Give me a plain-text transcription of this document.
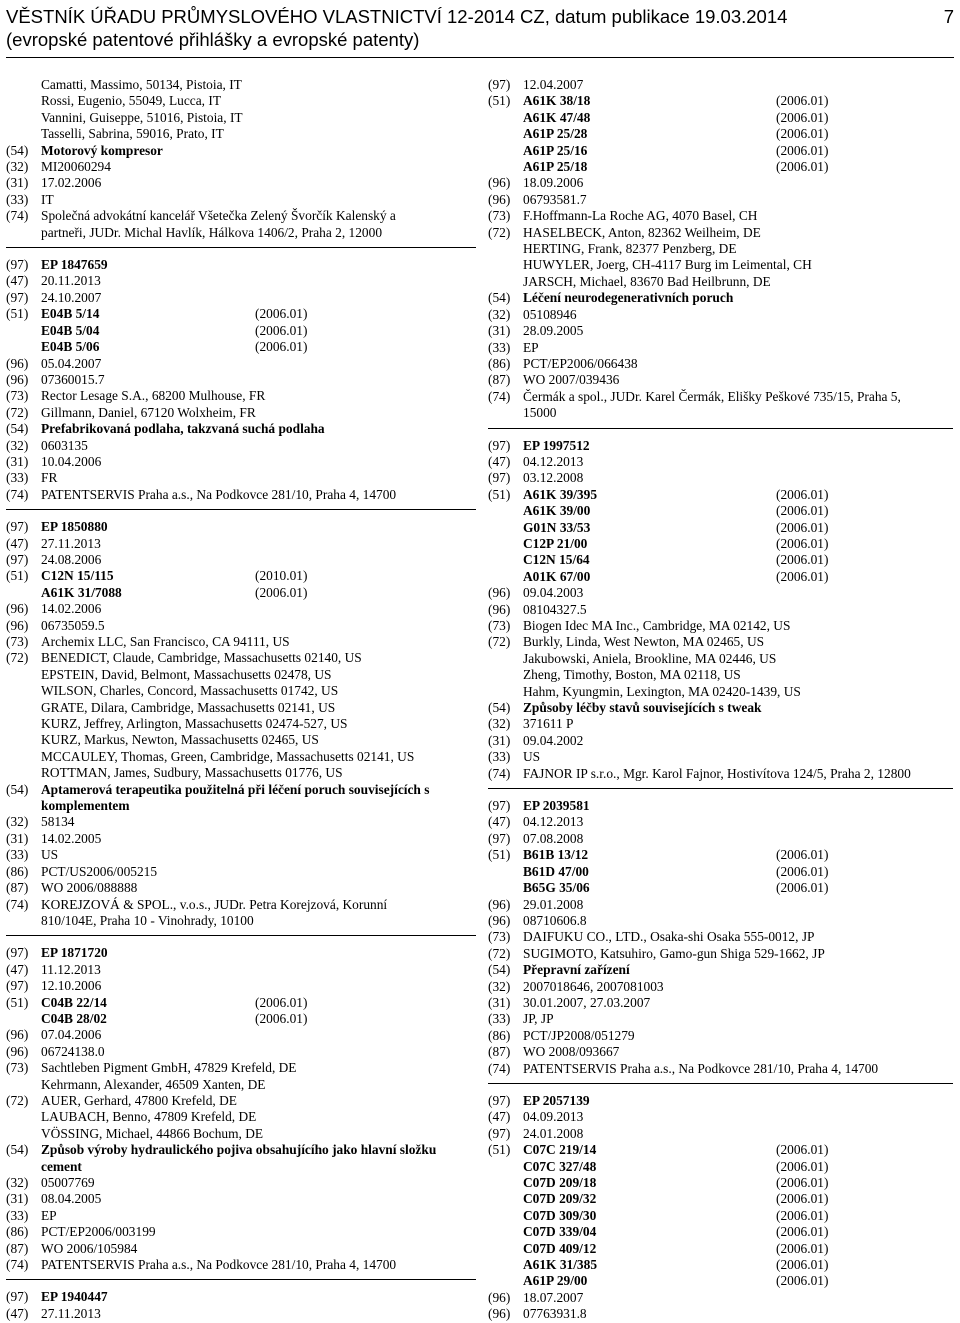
VĚSTNÍK ÚŘADU PRŮMYSLOVÉHO VLASTNICTVÍ 12-2014 CZ, datum publikace 19.03.2014	7
(evropské patentové přihlášky a evropské patenty)
Camatti, Massimo, 50134, Pistoia, IT
Rossi, Eugenio, 55049, Lucca, IT
Vannini, Guiseppe, 51016, Pistoia, IT
Tasselli, Sabrina, 59016, Prato, IT
(54) Motorový kompresor
(32) MI20060294
(31) 17.02.2006
(33) IT
(74) Společná advokátní kancelář Všetečka Zelený Švorčík Kalenský a
partneři, JUDr. Michal Havlík, Hálkova 1406/2, Praha 2, 12000
(97) EP 1847659
(47) 20.11.2013
(97) 24.10.2007
(51) E04B 5/14	(2006.01)
E04B 5/04	(2006.01)
E04B 5/06	(2006.01)
(96) 05.04.2007
(96) 07360015.7
(73) Rector Lesage S.A., 68200 Mulhouse, FR
(72) Gillmann, Daniel, 67120 Wolxheim, FR
(54) Prefabrikovaná podlaha, takzvaná suchá podlaha
(32) 0603135
(31) 10.04.2006
(33) FR
(74) PATENTSERVIS Praha a.s., Na Podkovce 281/10, Praha 4, 14700
(97) EP 1850880
(47) 27.11.2013
(97) 24.08.2006
(51) C12N 15/115	(2010.01)
A61K 31/7088	(2006.01)
(96) 14.02.2006
(96) 06735059.5
(73) Archemix LLC, San Francisco, CA 94111, US
(72) BENEDICT, Claude, Cambridge, Massachusetts 02140, US
EPSTEIN, David, Belmont, Massachusetts 02478, US
WILSON, Charles, Concord, Massachusetts 01742, US
GRATE, Dilara, Cambridge, Massachusetts 02141, US
KURZ, Jeffrey, Arlington, Massachusetts 02474-527, US
KURZ, Markus, Newton, Massachusetts 02465, US
MCCAULEY, Thomas, Green, Cambridge, Massachusetts 02141, US
ROTTMAN, James, Sudbury, Massachusetts 01776, US
(54) Aptamerová terapeutika použitelná při léčení poruch souvisejících s
komplementem
(32) 58134
(31) 14.02.2005
(33) US
(86) PCT/US2006/005215
(87) WO 2006/088888
(74) KOREJZOVÁ & SPOL., v.o.s., JUDr. Petra Korejzová, Korunní
810/104E, Praha 10 - Vinohrady, 10100
(97) EP 1871720
(47) 11.12.2013
(97) 12.10.2006
(51) C04B 22/14	(2006.01)
C04B 28/02	(2006.01)
(96) 07.04.2006
(96) 06724138.0
(73) Sachtleben Pigment GmbH, 47829 Krefeld, DE
Kehrmann, Alexander, 46509 Xanten, DE
(72) AUER, Gerhard, 47800 Krefeld, DE
LAUBACH, Benno, 47809 Krefeld, DE
VÖSSING, Michael, 44866 Bochum, DE
(54) Způsob výroby hydraulického pojiva obsahujícího jako hlavní složku
cement
(32) 05007769
(31) 08.04.2005
(33) EP
(86) PCT/EP2006/003199
(87) WO 2006/105984
(74) PATENTSERVIS Praha a.s., Na Podkovce 281/10, Praha 4, 14700
(97) EP 1940447
(47) 27.11.2013
(97) 12.04.2007
(51) A61K 38/18	(2006.01)
A61K 47/48	(2006.01)
A61P 25/28	(2006.01)
A61P 25/16	(2006.01)
A61P 25/18	(2006.01)
(96) 18.09.2006
(96) 06793581.7
(73) F.Hoffmann-La Roche AG, 4070 Basel, CH
(72) HASELBECK, Anton, 82362 Weilheim, DE
HERTING, Frank, 82377 Penzberg, DE
HUWYLER, Joerg, CH-4117 Burg im Leimental, CH
JARSCH, Michael, 83670 Bad Heilbrunn, DE
(54) Léčení neurodegenerativních poruch
(32) 05108946
(31) 28.09.2005
(33) EP
(86) PCT/EP2006/066438
(87) WO 2007/039436
(74) Čermák a spol., JUDr. Karel Čermák, Elišky Peškové 735/15, Praha 5,
15000
(97) EP 1997512
(47) 04.12.2013
(97) 03.12.2008
(51) A61K 39/395	(2006.01)
A61K 39/00	(2006.01)
G01N 33/53	(2006.01)
C12P 21/00	(2006.01)
C12N 15/64	(2006.01)
A01K 67/00	(2006.01)
(96) 09.04.2003
(96) 08104327.5
(73) Biogen Idec MA Inc., Cambridge, MA 02142, US
(72) Burkly, Linda, West Newton, MA 02465, US
Jakubowski, Aniela, Brookline, MA 02446, US
Zheng, Timothy, Boston, MA 02118, US
Hahm, Kyungmin, Lexington, MA 02420-1439, US
(54) Způsoby léčby stavů souvisejících s tweak
(32) 371611 P
(31) 09.04.2002
(33) US
(74) FAJNOR IP s.r.o., Mgr. Karol Fajnor, Hostivítova 124/5, Praha 2, 12800
(97) EP 2039581
(47) 04.12.2013
(97) 07.08.2008
(51) B61B 13/12	(2006.01)
B61D 47/00	(2006.01)
B65G 35/06	(2006.01)
(96) 29.01.2008
(96) 08710606.8
(73) DAIFUKU CO., LTD., Osaka-shi Osaka 555-0012, JP
(72) SUGIMOTO, Katsuhiro, Gamo-gun Shiga 529-1662, JP
(54) Přepravní zařízení
(32) 2007018646, 2007081003
(31) 30.01.2007, 27.03.2007
(33) JP, JP
(86) PCT/JP2008/051279
(87) WO 2008/093667
(74) PATENTSERVIS Praha a.s., Na Podkovce 281/10, Praha 4, 14700
(97) EP 2057139
(47) 04.09.2013
(97) 24.01.2008
(51) C07C 219/14	(2006.01)
C07C 327/48	(2006.01)
C07D 209/18	(2006.01)
C07D 209/32	(2006.01)
C07D 309/30	(2006.01)
C07D 339/04	(2006.01)
C07D 409/12	(2006.01)
A61K 31/385	(2006.01)
A61P 29/00	(2006.01)
(96) 18.07.2007
(96) 07763931.8
